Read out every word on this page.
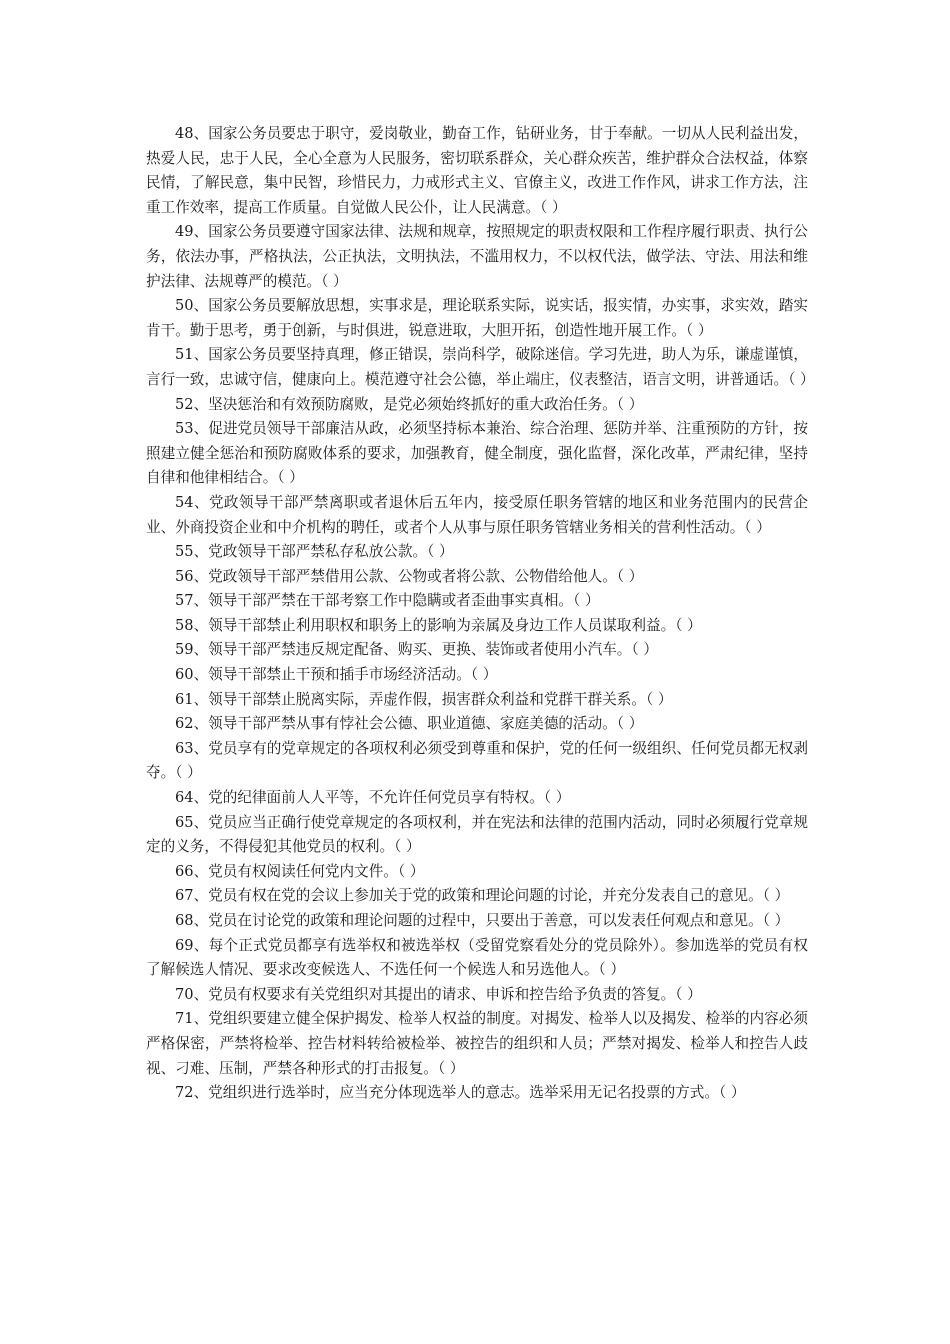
48、国家公务员要忠于职守，爱岗敬业，勤奋工作，钻研业务，甘于奉献。一切从人民利益出发，热爱人民，忠于人民，全心全意为人民服务，密切联系群众，关心群众疾苦，维护群众合法权益，体察民情，了解民意，集中民智，珍惜民力，力戒形式主义、官僚主义，改进工作作风，讲求工作方法，注重工作效率，提高工作质量。自觉做人民公仆，让人民满意。（ ）

49、国家公务员要遵守国家法律、法规和规章，按照规定的职责权限和工作程序履行职责、执行公务，依法办事，严格执法，公正执法，文明执法，不滥用权力，不以权代法，做学法、守法、用法和维护法律、法规尊严的模范。（ ）

50、国家公务员要解放思想，实事求是，理论联系实际，说实话，报实情，办实事，求实效，踏实肯干。勤于思考，勇于创新，与时俱进，锐意进取，大胆开拓，创造性地开展工作。（ ）

51、国家公务员要坚持真理，修正错误，崇尚科学，破除迷信。学习先进，助人为乐，谦虚谨慎，言行一致，忠诚守信，健康向上。模范遵守社会公德，举止端庄，仪表整洁，语言文明，讲普通话。（ ）

52、坚决惩治和有效预防腐败，是党必须始终抓好的重大政治任务。（ ）

53、促进党员领导干部廉洁从政，必须坚持标本兼治、综合治理、惩防并举、注重预防的方针，按照建立健全惩治和预防腐败体系的要求，加强教育，健全制度，强化监督，深化改革，严肃纪律，坚持自律和他律相结合。（ ）

54、党政领导干部严禁离职或者退休后五年内，接受原任职务管辖的地区和业务范围内的民营企业、外商投资企业和中介机构的聘任，或者个人从事与原任职务管辖业务相关的营利性活动。（ ）

55、党政领导干部严禁私存私放公款。（ ）

56、党政领导干部严禁借用公款、公物或者将公款、公物借给他人。（ ）

57、领导干部严禁在干部考察工作中隐瞒或者歪曲事实真相。（ ）

58、领导干部禁止利用职权和职务上的影响为亲属及身边工作人员谋取利益。（ ）

59、领导干部严禁违反规定配备、购买、更换、装饰或者使用小汽车。（ ）

60、领导干部禁止干预和插手市场经济活动。（ ）

61、领导干部禁止脱离实际，弄虚作假，损害群众利益和党群干群关系。（ ）

62、领导干部严禁从事有悖社会公德、职业道德、家庭美德的活动。（ ）

63、党员享有的党章规定的各项权利必须受到尊重和保护，党的任何一级组织、任何党员都无权剥夺。（ ）

64、党的纪律面前人人平等，不允许任何党员享有特权。（ ）

65、党员应当正确行使党章规定的各项权利，并在宪法和法律的范围内活动，同时必须履行党章规定的义务，不得侵犯其他党员的权利。（ ）

66、党员有权阅读任何党内文件。（ ）

67、党员有权在党的会议上参加关于党的政策和理论问题的讨论，并充分发表自己的意见。（ ）

68、党员在讨论党的政策和理论问题的过程中，只要出于善意，可以发表任何观点和意见。（ ）

69、每个正式党员都享有选举权和被选举权（受留党察看处分的党员除外）。参加选举的党员有权了解候选人情况、要求改变候选人、不选任何一个候选人和另选他人。（ ）

70、党员有权要求有关党组织对其提出的请求、申诉和控告给予负责的答复。（ ）

71、党组织要建立健全保护揭发、检举人权益的制度。对揭发、检举人以及揭发、检举的内容必须严格保密，严禁将检举、控告材料转给被检举、被控告的组织和人员；严禁对揭发、检举人和控告人歧视、刁难、压制，严禁各种形式的打击报复。（ ）

72、党组织进行选举时，应当充分体现选举人的意志。选举采用无记名投票的方式。（ ）
